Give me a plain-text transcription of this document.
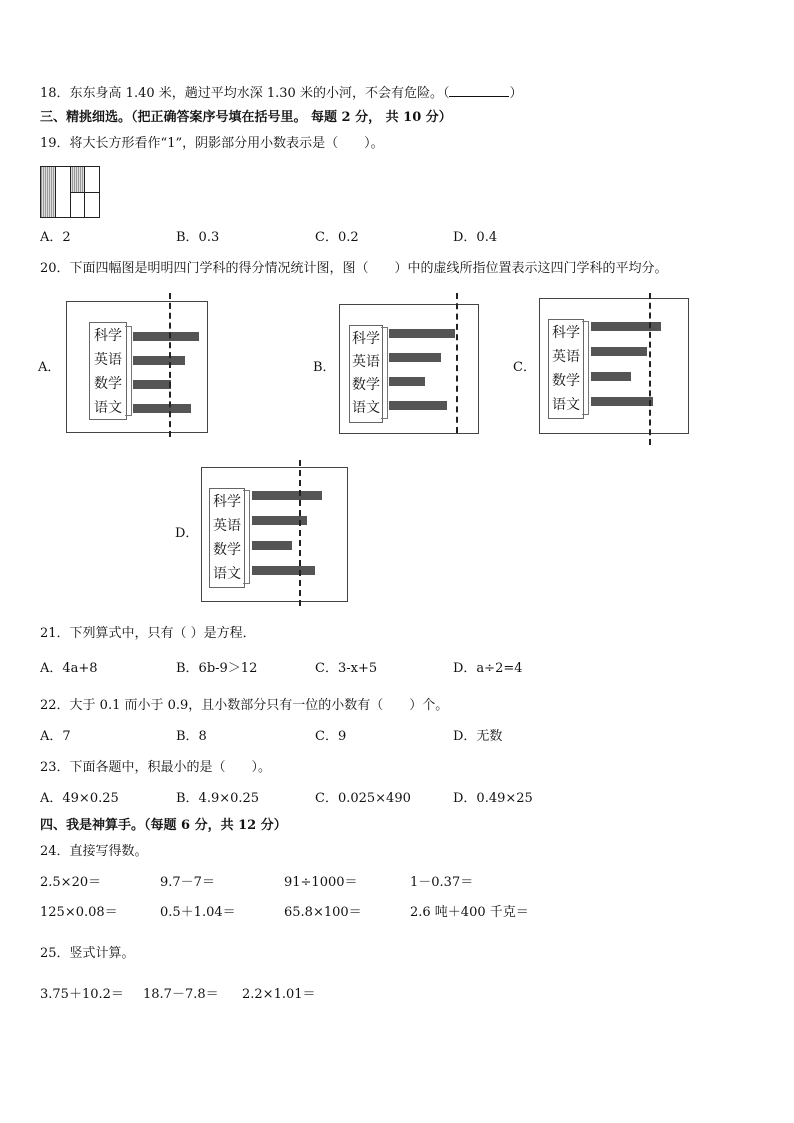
18．东东身高 1.40 米，趟过平均水深 1.30 米的小河，不会有危险。（	）
三、精挑细选。（把正确答案序号填在括号里。 每题 2 分， 共 10 分）
19．将大长方形看作“1”，阴影部分用小数表示是（　　）。
A．2	B．0.3	C．0.2	D．0.4
20．下面四幅图是明明四门学科的得分情况统计图，图（　　）中的虚线所指位置表示这四门学科的平均分。
A．
科学
英语
数学
语文
B．
科学
英语
数学
语文
C．
科学
英语
数学
语文
D．
科学
英语
数学
语文
21．下列算式中，只有（ ）是方程．
A．4a+8	B．6b-9＞12	C．3-x+5	D．a÷2=4
22．大于 0.1 而小于 0.9，且小数部分只有一位的小数有（　　）个。
A．7	B．8	C．9	D．无数
23．下面各题中，积最小的是（　　）。
A．49×0.25	B．4.9×0.25	C．0.025×490	D．0.49×25
四、我是神算手。（每题 6 分，共 12 分）
24．直接写得数。
2.5×20＝	9.7－7＝	91÷1000＝	1－0.37＝
125×0.08＝	0.5＋1.04＝	65.8×100＝	2.6 吨＋400 千克＝
25．竖式计算。
3.75＋10.2＝ 18.7－7.8＝ 2.2×1.01＝
